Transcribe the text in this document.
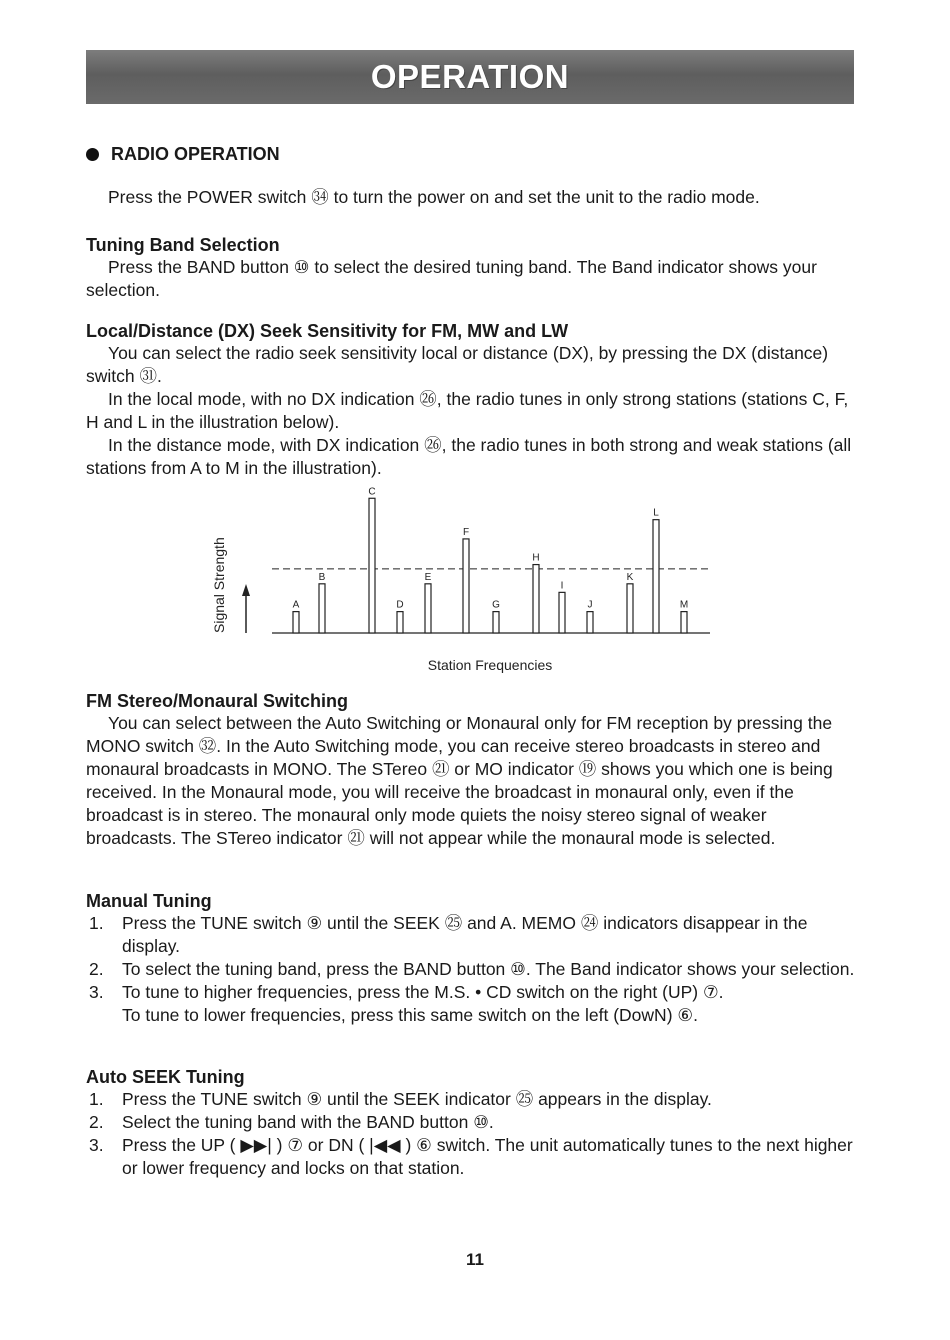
OPERATION
RADIO OPERATION

Press the POWER switch ㉞ to turn the power on and set the unit to the radio mode.

Tuning Band Selection

Press the BAND button ⑩ to select the desired tuning band. The Band indicator shows your selection.

Local/Distance (DX) Seek Sensitivity for FM, MW and LW

You can select the radio seek sensitivity local or distance (DX), by pressing the DX (distance) switch ㉛.

In the local mode, with no DX indication ㉖, the radio tunes in only strong stations (stations C, F, H and L in the illustration below).

In the distance mode, with DX indication ㉖, the radio tunes in both strong and weak stations (all stations from A to M in the illustration).

Signal Strength	A
B
C
D
E
F
G
H
I
J
K
L
M
Station Frequencies

FM Stereo/Monaural Switching

You can select between the Auto Switching or Monaural only for FM reception by pressing the MONO switch ㉜. In the Auto Switching mode, you can receive stereo broadcasts in stereo and monaural broadcasts in MONO. The STereo ㉑ or MO indicator ⑲ shows you which one is being received. In the Monaural mode, you will receive the broadcast in monaural only, even if the broadcast is in stereo. The monaural only mode quiets the noisy stereo signal of weaker broadcasts. The STereo indicator ㉑ will not appear while the monaural mode is selected.

Manual Tuning

1. Press the TUNE switch ⑨ until the SEEK ㉕ and A. MEMO ㉔ indicators disappear in the display.
2. To select the tuning band, press the BAND button ⑩. The Band indicator shows your selection.
3. To tune to higher frequencies, press the M.S. • CD switch on the right (UP) ⑦.
To tune to lower frequencies, press this same switch on the left (DowN) ⑥.

Auto SEEK Tuning

1. Press the TUNE switch ⑨ until the SEEK indicator ㉕ appears in the display.
2. Select the tuning band with the BAND button ⑩.
3. Press the UP ( ▶▶| ) ⑦ or DN ( |◀◀ ) ⑥ switch. The unit automatically tunes to the next higher or lower frequency and locks on that station.
11
